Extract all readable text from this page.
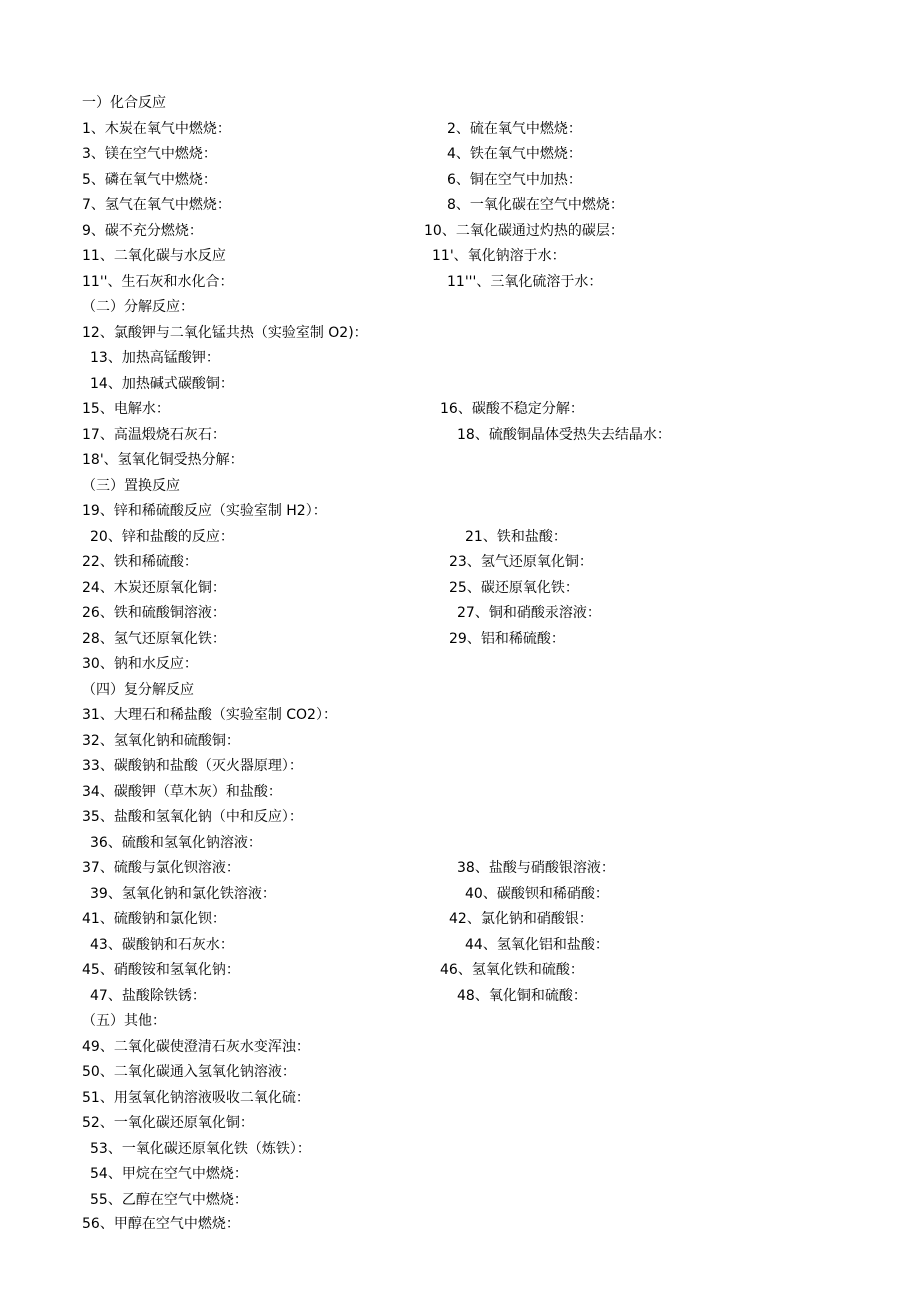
一）化合反应
1、木炭在氧气中燃烧：	2、硫在氧气中燃烧：
3、镁在空气中燃烧：	4、铁在氧气中燃烧：
5、磷在氧气中燃烧：	6、铜在空气中加热：
7、氢气在氧气中燃烧：	8、一氧化碳在空气中燃烧：
9、碳不充分燃烧：	10、二氧化碳通过灼热的碳层：
11、二氧化碳与水反应	11'、氧化钠溶于水：
11''、生石灰和水化合：	11'''、三氧化硫溶于水：
（二）分解反应：
12、氯酸钾与二氧化锰共热（实验室制 O2)：
13、加热高锰酸钾：
14、加热碱式碳酸铜：
15、电解水：	16、碳酸不稳定分解：
17、高温煅烧石灰石：	18、硫酸铜晶体受热失去结晶水：
18'、氢氧化铜受热分解：
（三）置换反应
19、锌和稀硫酸反应（实验室制 H2）：
20、锌和盐酸的反应：	21、铁和盐酸：
22、铁和稀硫酸：	23、氢气还原氧化铜：
24、木炭还原氧化铜：	25、碳还原氧化铁：
26、铁和硫酸铜溶液：	27、铜和硝酸汞溶液：
28、氢气还原氧化铁：	29、铝和稀硫酸：
30、钠和水反应：
（四）复分解反应
31、大理石和稀盐酸（实验室制 CO2）：
32、氢氧化钠和硫酸铜：
33、碳酸钠和盐酸（灭火器原理）：
34、碳酸钾（草木灰）和盐酸：
35、盐酸和氢氧化钠（中和反应）：
36、硫酸和氢氧化钠溶液：
37、硫酸与氯化钡溶液：	38、盐酸与硝酸银溶液：
39、氢氧化钠和氯化铁溶液：	40、碳酸钡和稀硝酸：
41、硫酸钠和氯化钡：	42、氯化钠和硝酸银：
43、碳酸钠和石灰水：	44、氢氧化铝和盐酸：
45、硝酸铵和氢氧化钠：	46、氢氧化铁和硫酸：
47、盐酸除铁锈：	48、氧化铜和硫酸：
（五）其他：
49、二氧化碳使澄清石灰水变浑浊：
50、二氧化碳通入氢氧化钠溶液：
51、用氢氧化钠溶液吸收二氧化硫：
52、一氧化碳还原氧化铜：
53、一氧化碳还原氧化铁（炼铁）：
54、甲烷在空气中燃烧：
55、乙醇在空气中燃烧：
56、甲醇在空气中燃烧：
